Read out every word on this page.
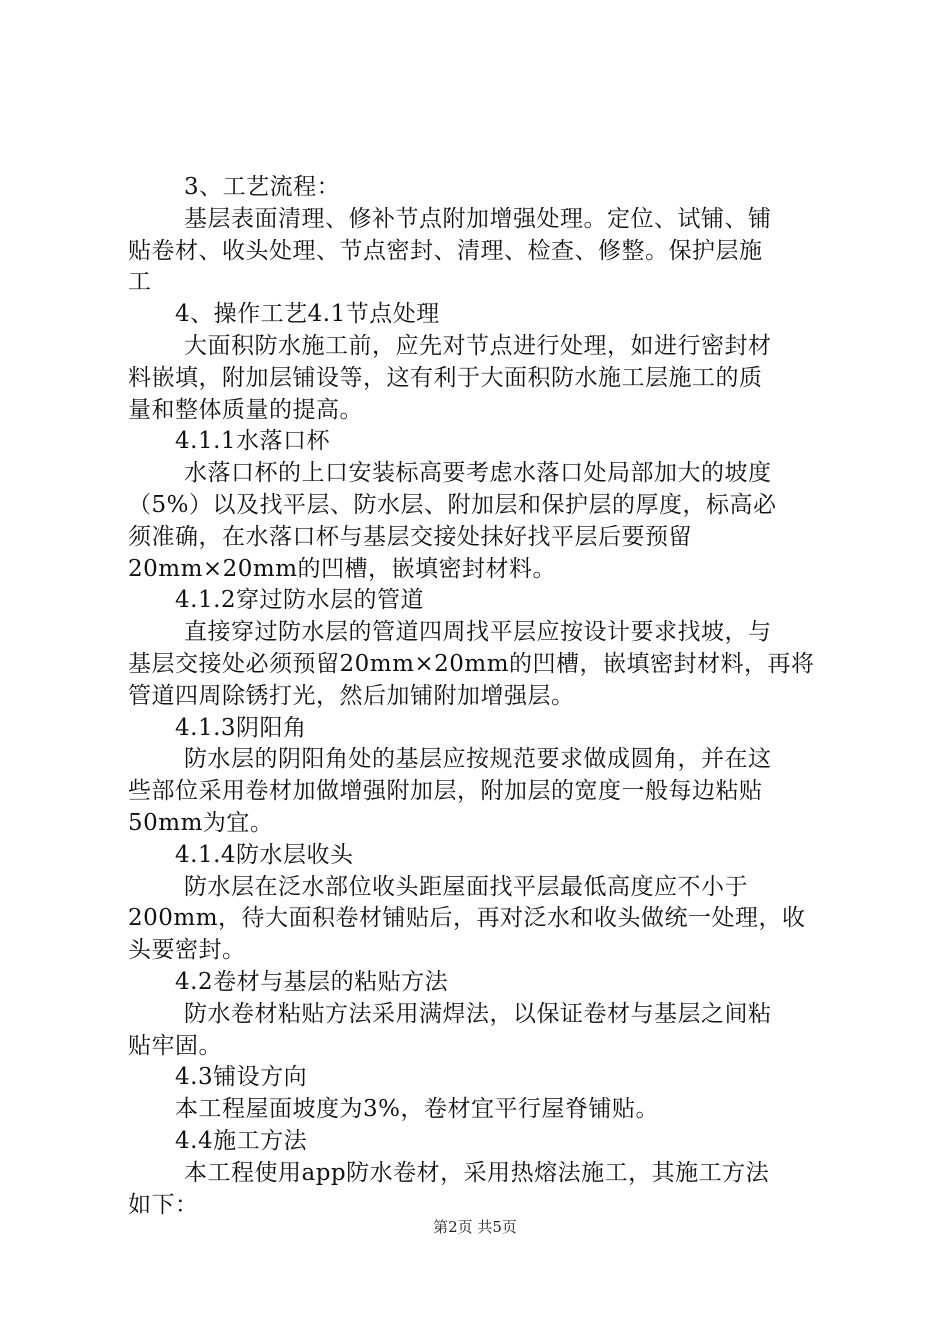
3、工艺流程：
基层表面清理、修补节点附加增强处理。定位、试铺、铺
贴卷材、收头处理、节点密封、清理、检查、修整。保护层施
工
4、操作工艺4.1节点处理
大面积防水施工前，应先对节点进行处理，如进行密封材
料嵌填，附加层铺设等，这有利于大面积防水施工层施工的质
量和整体质量的提高。
4.1.1水落口杯
水落口杯的上口安装标高要考虑水落口处局部加大的坡度
（5%）以及找平层、防水层、附加层和保护层的厚度，标高必
须准确，在水落口杯与基层交接处抹好找平层后要预留
20mm×20mm的凹槽，嵌填密封材料。
4.1.2穿过防水层的管道
直接穿过防水层的管道四周找平层应按设计要求找坡，与
基层交接处必须预留20mm×20mm的凹槽，嵌填密封材料，再将
管道四周除锈打光，然后加铺附加增强层。
4.1.3阴阳角
防水层的阴阳角处的基层应按规范要求做成圆角，并在这
些部位采用卷材加做增强附加层，附加层的宽度一般每边粘贴
50mm为宜。
4.1.4防水层收头
防水层在泛水部位收头距屋面找平层最低高度应不小于
200mm，待大面积卷材铺贴后，再对泛水和收头做统一处理，收
头要密封。
4.2卷材与基层的粘贴方法
防水卷材粘贴方法采用满焊法，以保证卷材与基层之间粘
贴牢固。
4.3铺设方向
本工程屋面坡度为3%，卷材宜平行屋脊铺贴。
4.4施工方法
本工程使用app防水卷材，采用热熔法施工，其施工方法
如下：
第2页 共5页
